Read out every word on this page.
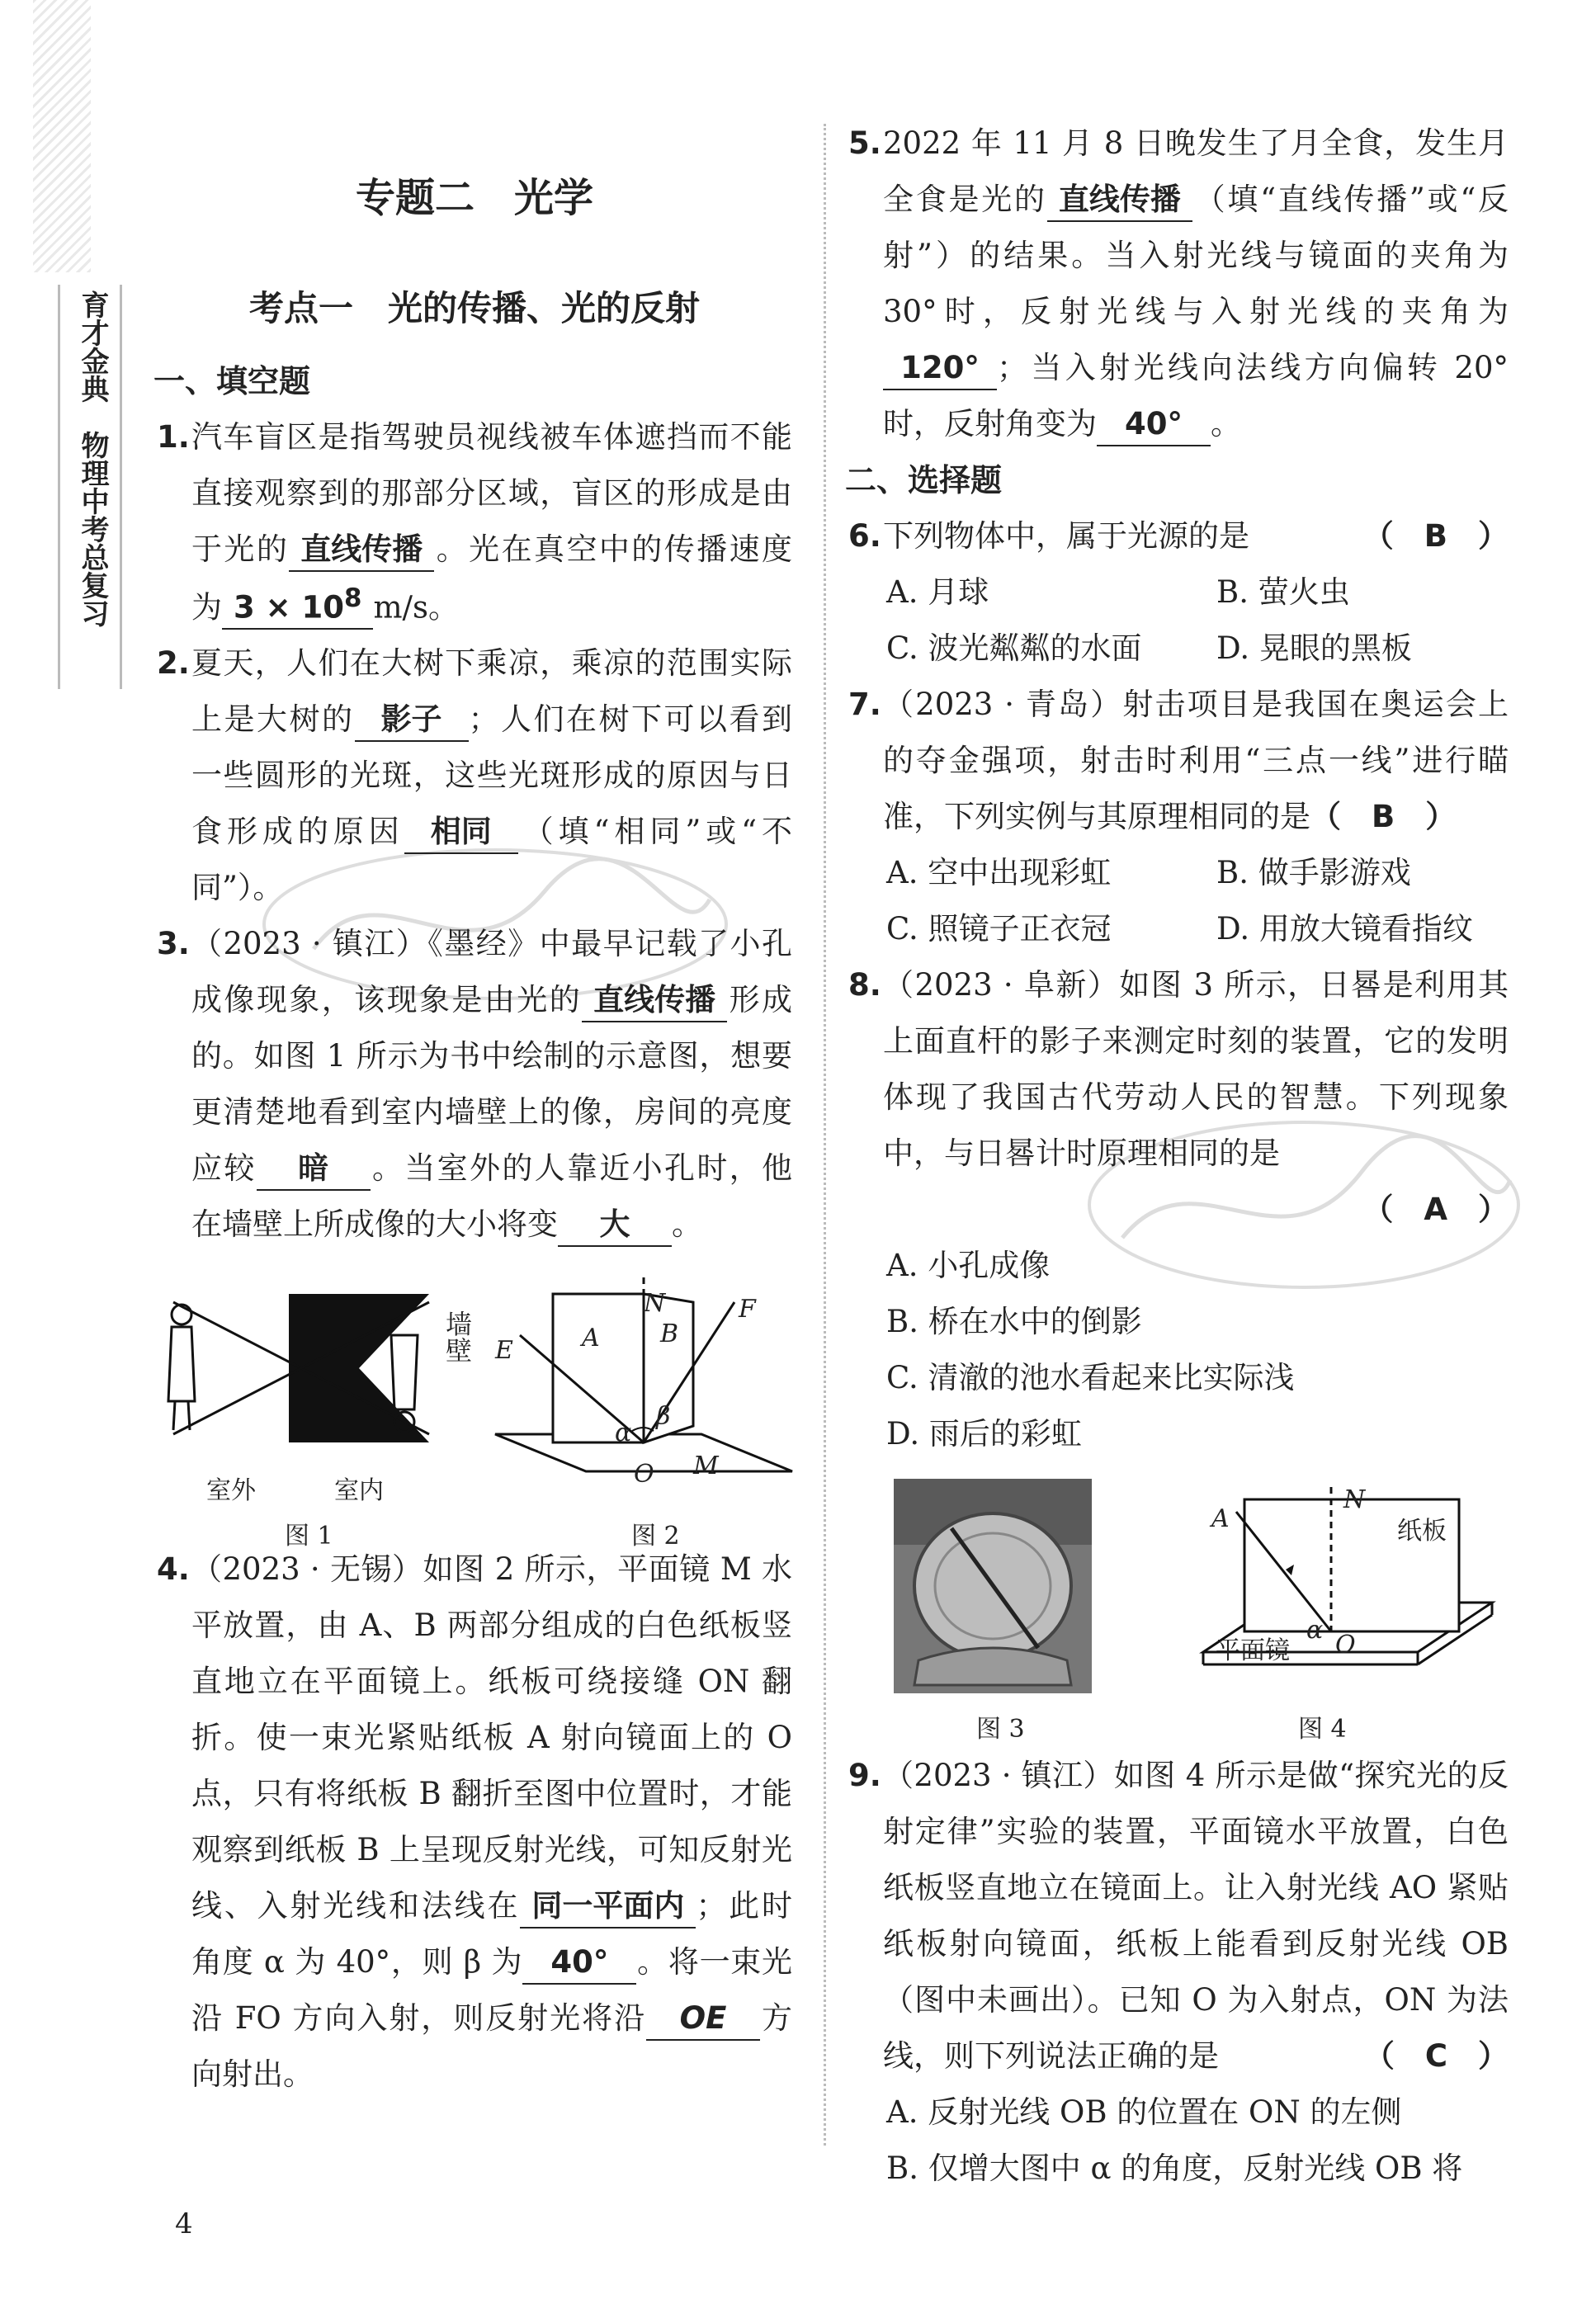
育才金典　物理中考总复习
专题二　光学
考点一　光的传播、光的反射
一、填空题
1. 汽车盲区是指驾驶员视线被车体遮挡而不能直接观察到的那部分区域，盲区的形成是由于光的 直线传播 。光在真空中的传播速度为 $3 \times 10^8$ m/s。
2. 夏天，人们在大树下乘凉，乘凉的范围实际上是大树的 影子 ；人们在树下可以看到一些圆形的光斑，这些光斑形成的原因与日食形成的原因 相同 （填“相同”或“不同”）。
3. （2023 · 镇江）《墨经》中最早记载了小孔成像现象，该现象是由光的 直线传播 形成的。如图 1 所示为书中绘制的示意图，想要更清楚地看到室内墙壁上的像，房间的亮度应较 暗 。当室外的人靠近小孔时，他在墙壁上所成像的大小将变 大 。
墙壁
室外	室内
图 1
N
A B
E
F
α
β
O M
图 2
4. （2023 · 无锡）如图 2 所示，平面镜 M 水平放置，由 A、B 两部分组成的白色纸板竖直地立在平面镜上。纸板可绕接缝 ON 翻折。使一束光紧贴纸板 A 射向镜面上的 O 点，只有将纸板 B 翻折至图中位置时，才能观察到纸板 B 上呈现反射光线，可知反射光线、入射光线和法线在 同一平面内 ；此时角度 α 为 40°，则 β 为 40° 。将一束光沿 FO 方向入射，则反射光将沿 OE 方向射出。
5. 2022 年 11 月 8 日晚发生了月全食，发生月全食是光的 直线传播 （填“直线传播”或“反射”）的结果。当入射光线与镜面的夹角为 30°时，反射光线与入射光线的夹角为120° ；当入射光线向法线方向偏转 20°时，反射角变为 40° 。
二、选择题
6. 下列物体中，属于光源的是	（　B　）
A. 月球	B. 萤火虫
C. 波光粼粼的水面 D. 晃眼的黑板
7. （2023 · 青岛）射击项目是我国在奥运会上的夺金强项，射击时利用“三点一线”进行瞄准，下列实例与其原理相同的是（　B　）
A. 空中出现彩虹	B. 做手影游戏
C. 照镜子正衣冠	D. 用放大镜看指纹
8. （2023 · 阜新）如图 3 所示，日晷是利用其上面直杆的影子来测定时刻的装置，它的发明体现了我国古代劳动人民的智慧。下列现象中，与日晷计时原理相同的是
（　A　）
A. 小孔成像
B. 桥在水中的倒影
C. 清澈的池水看起来比实际浅
D. 雨后的彩虹
图 3
N
A	纸板
α
平面镜 O
图 4
9. （2023 · 镇江）如图 4 所示是做“探究光的反射定律”实验的装置，平面镜水平放置，白色纸板竖直地立在镜面上。让入射光线 AO 紧贴纸板射向镜面，纸板上能看到反射光线 OB（图中未画出）。已知 O 为入射点，ON 为法线，则下列说法正确的是	（　C　）
A. 反射光线 OB 的位置在 ON 的左侧
B. 仅增大图中 α 的角度，反射光线 OB 将
4
